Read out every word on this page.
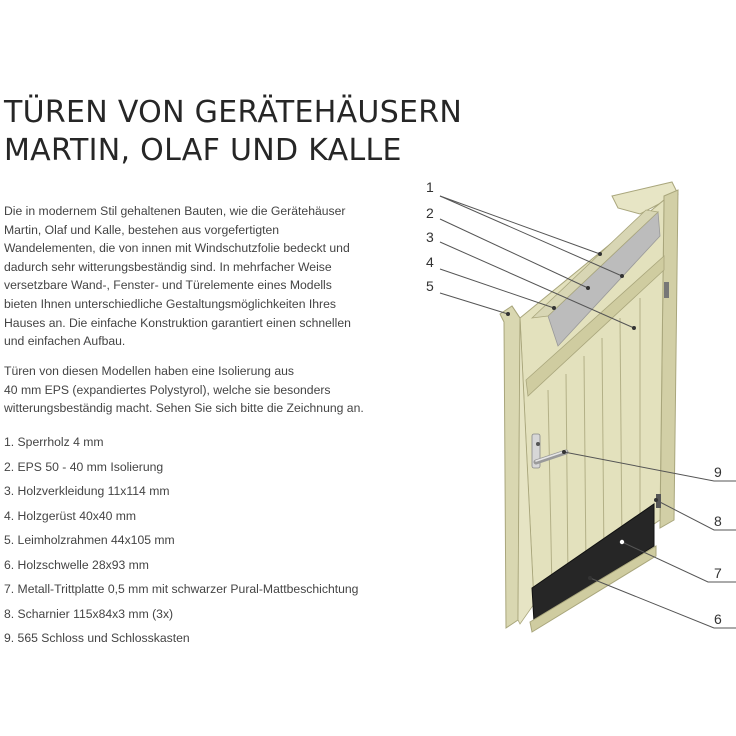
TÜREN VON GERÄTEHÄUSERN
MARTIN, OLAF UND KALLE

Die in modernem Stil gehaltenen Bauten, wie die Gerätehäuser
Martin, Olaf und Kalle, bestehen aus vorgefertigten
Wandelementen, die von innen mit Windschutzfolie bedeckt und
dadurch sehr witterungsbeständig sind. In mehrfacher Weise
versetzbare Wand-, Fenster- und Türelemente eines Modells
bieten Ihnen unterschiedliche Gestaltungsmöglichkeiten Ihres
Hauses an. Die einfache Konstruktion garantiert einen schnellen
und einfachen Aufbau.

Türen von diesen Modellen haben eine Isolierung aus
40 mm EPS (expandiertes Polystyrol), welche sie besonders
witterungsbeständig macht. Sehen Sie sich bitte die Zeichnung an.

1. Sperrholz 4 mm
2. EPS 50 - 40 mm Isolierung
3. Holzverkleidung 11x114 mm
4. Holzgerüst 40x40 mm
5. Leimholzrahmen 44x105 mm
6. Holzschwelle 28x93 mm
7. Metall-Trittplatte 0,5 mm mit schwarzer Pural-Mattbeschichtung
8. Scharnier 115x84x3 mm (3x)
9. 565 Schloss und Schlosskasten
1
2
3
4
5
9
8
7
6
